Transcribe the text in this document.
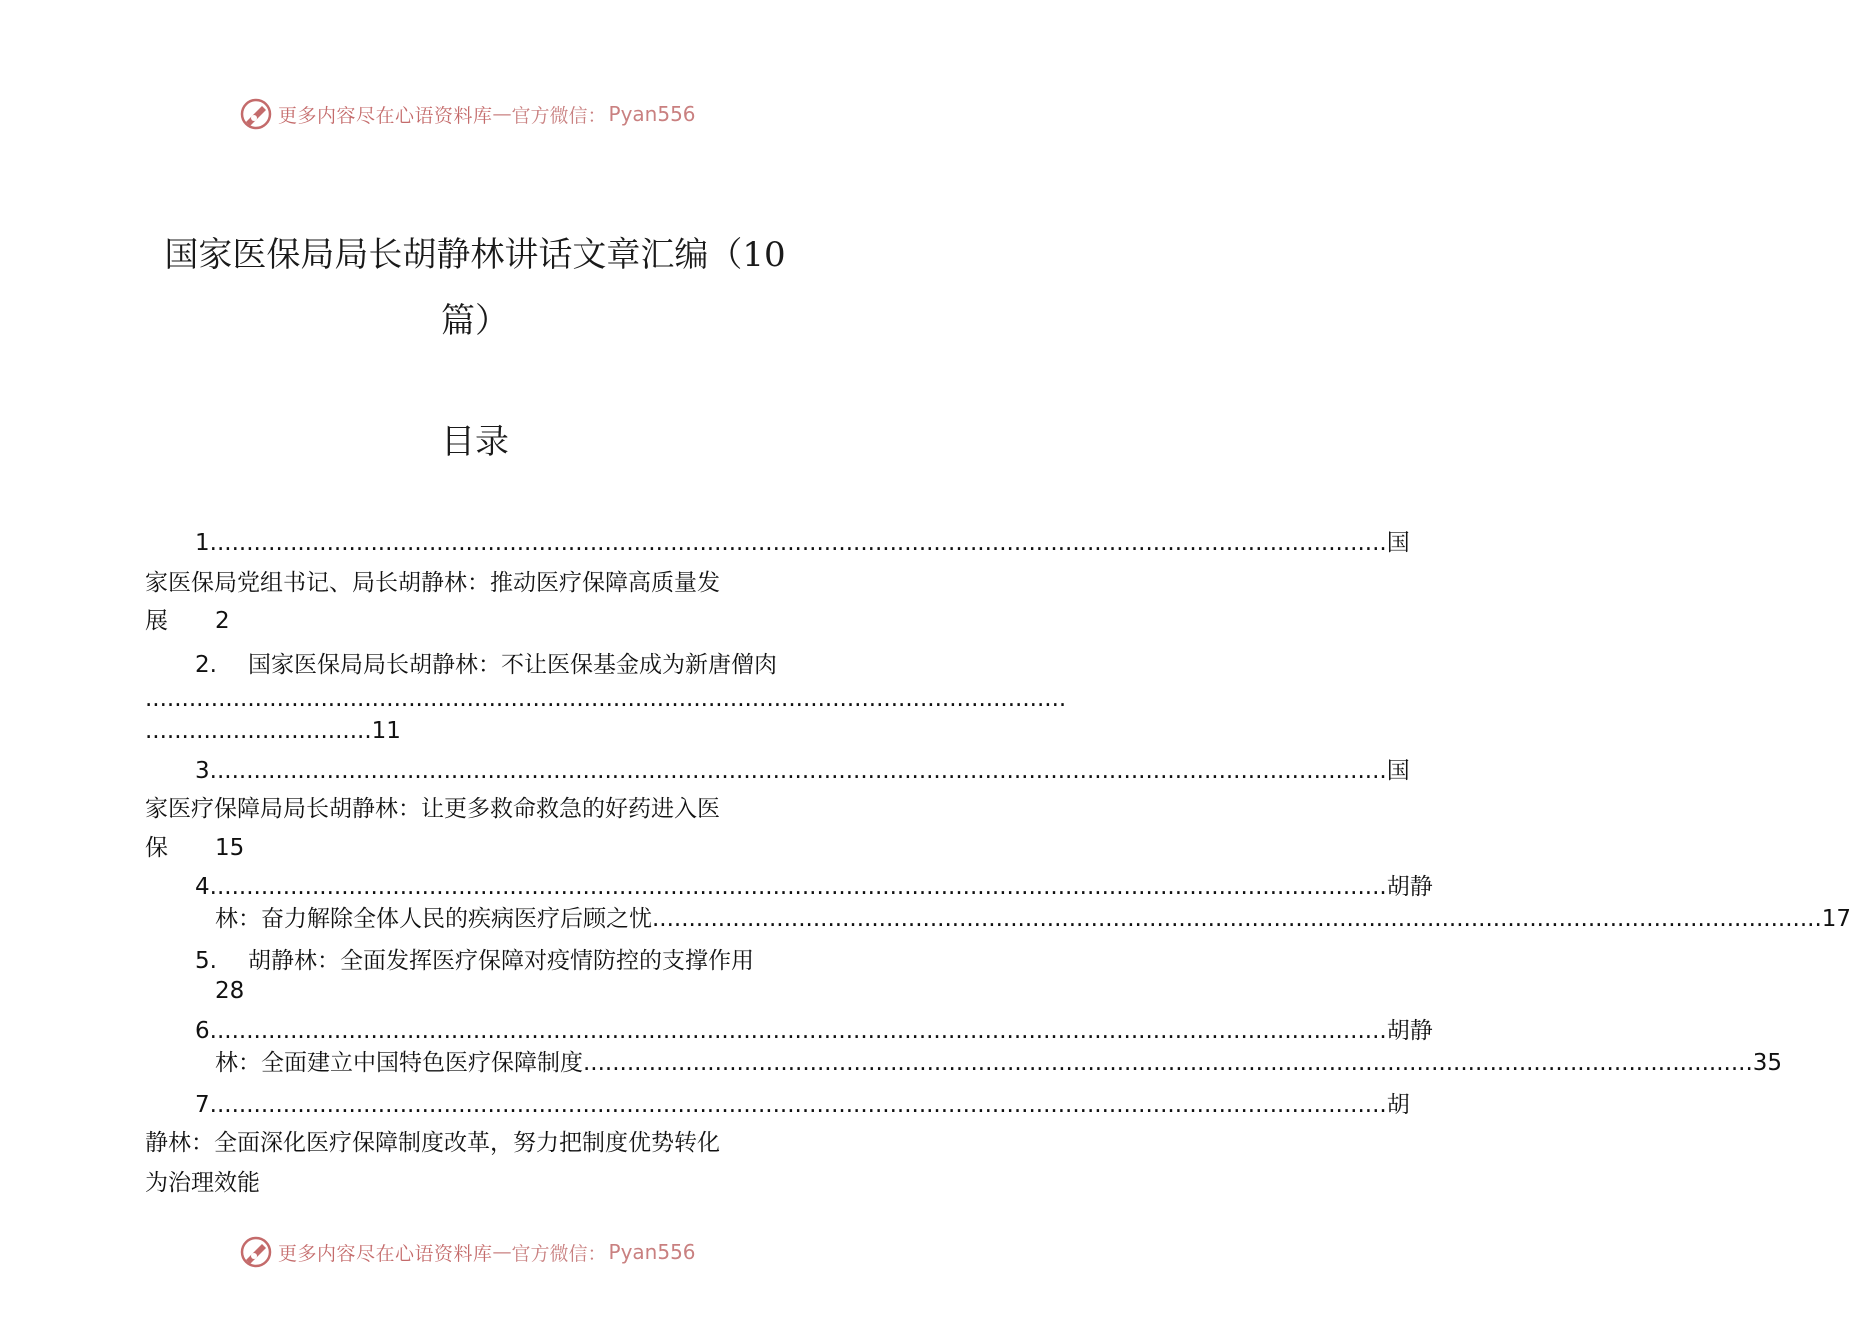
更多内容尽在心语资料库 — 官方微信： Pyan556
国家医保局局长胡静林讲话文章汇编（10篇）
目录
1. .....	国
家医保局党组书记、局长胡静林：推动医疗保障高质量发
展 2
2. 国家医保局局长胡静林：不让医保基金成为新唐僧肉
..............................................................................................................................
............................... 11
3. .....	国
家医疗保障局局长胡静林：让更多救命救急的好药进入医
保 15
4. .....	胡静
林：奋力解除全体人民的疾病医疗后顾之忧 .....	17
5. 胡静林：全面发挥医疗保障对疫情防控的支撑作用
28
6. .....	胡静
林：全面建立中国特色医疗保障制度 .....	35
7. .....	胡
静林：全面深化医疗保障制度改革，努力把制度优势转化
为治理效能
更多内容尽在心语资料库 — 官方微信： Pyan556
